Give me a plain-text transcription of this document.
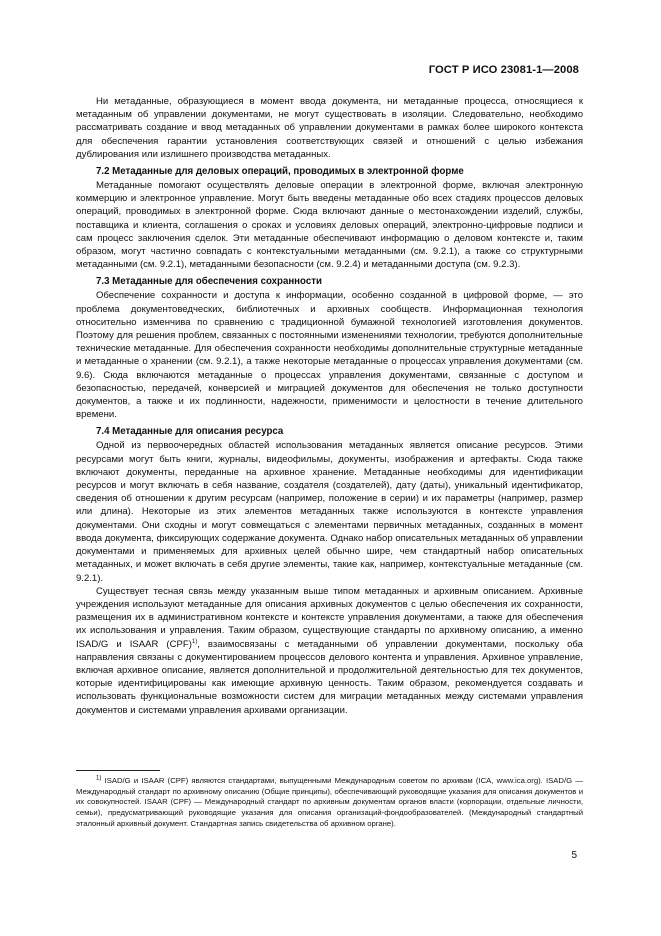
ГОСТ Р ИСО 23081-1—2008

Ни метаданные, образующиеся в момент ввода документа, ни метаданные процесса, относящиеся к метаданным об управлении документами, не могут существовать в изоляции. Следовательно, необходимо рассматривать создание и ввод метаданных об управлении документами в рамках более широкого контекста для обеспечения гарантии установления соответствующих связей и отношений с целью избежания дублирования или излишнего производства метаданных.

7.2 Метаданные для деловых операций, проводимых в электронной форме

Метаданные помогают осуществлять деловые операции в электронной форме, включая электронную коммерцию и электронное управление. Могут быть введены метаданные обо всех стадиях процессов деловых операций, проводимых в электронной форме. Сюда включают данные о местонахождении изделий, службы, поставщика и клиента, соглашения о сроках и условиях деловых операций, электронно-цифровые подписи и сам процесс заключения сделок. Эти метаданные обеспечивают информацию о деловом контексте и, таким образом, могут частично совпадать с контекстуальными метаданными (см. 9.2.1), а также со структурными метаданными (см. 9.2.1), метаданными безопасности (см. 9.2.4) и метаданными доступа (см. 9.2.3).

7.3 Метаданные для обеспечения сохранности

Обеспечение сохранности и доступа к информации, особенно созданной в цифровой форме, — это проблема документоведческих, библиотечных и архивных сообществ. Информационная технология относительно изменчива по сравнению с традиционной бумажной технологией изготовления документов. Поэтому для решения проблем, связанных с постоянными изменениями технологии, требуются дополнительные технические метаданные. Для обеспечения сохранности необходимы дополнительные структурные метаданные и метаданные о хранении (см. 9.2.1), а также некоторые метаданные о процессах управления документами (см. 9.6). Сюда включаются метаданные о процессах управления документами, связанные с доступом и безопасностью, передачей, конверсией и миграцией документов для обеспечения не только доступности документов, а также и их подлинности, надежности, применимости и целостности в течение длительного времени.

7.4 Метаданные для описания ресурса

Одной из первоочередных областей использования метаданных является описание ресурсов. Этими ресурсами могут быть книги, журналы, видеофильмы, документы, изображения и артефакты. Сюда также включают документы, переданные на архивное хранение. Метаданные необходимы для идентификации ресурсов и могут включать в себя название, создателя (создателей), дату (даты), уникальный идентификатор, сведения об отношении к другим ресурсам (например, положение в серии) и их параметры (например, размер или длина). Некоторые из этих элементов метаданных также используются в контексте управления документами. Они сходны и могут совмещаться с элементами первичных метаданных, созданных в момент ввода документа, фиксирующих содержание документа. Однако набор описательных метаданных об управлении документами и применяемых для архивных целей обычно шире, чем стандартный набор описательных метаданных, и может включать в себя другие элементы, такие как, например, контекстуальные метаданные (см. 9.2.1).

Существует тесная связь между указанным выше типом метаданных и архивным описанием. Архивные учреждения используют метаданные для описания архивных документов с целью обеспечения их сохранности, размещения их в административном контексте и контексте управления документами, а также для обеспечения их использования и управления. Таким образом, существующие стандарты по архивному описанию, а именно ISAD/G и ISAAR (CPF)$^{1)}$, взаимосвязаны с метаданными об управлении документами, поскольку оба направления связаны с документированием процессов делового контента и управления. Архивное управление, включая архивное описание, является дополнительной и продолжительной деятельностью для тех документов, которые идентифицированы как имеющие архивную ценность. Таким образом, рекомендуется создавать и использовать функциональные возможности систем для миграции метаданных между системами управления документов и системами управления архивами организации.

$^{1)}$ ISAD/G и ISAAR (CPF) являются стандартами, выпущенными Международным советом по архивам (ICA, www.ica.org). ISAD/G — Международный стандарт по архивному описанию (Общие принципы), обеспечивающий руководящие указания для описания документов и их совокупностей. ISAAR (CPF) — Международный стандарт по архивным документам органов власти (корпорации, отдельные личности, семьи), предусматривающий руководящие указания для описания организаций-фондообразователей. (Международный стандартный эталонный архивный документ. Стандартная запись свидетельства об архивном органе).

5
